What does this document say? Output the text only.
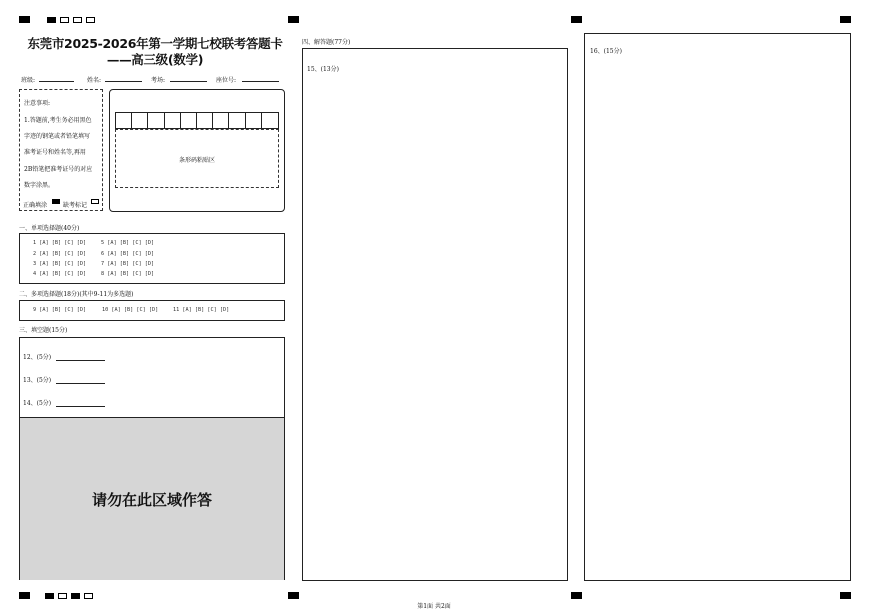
东莞市2025-2026年第一学期七校联考答题卡
——高三级(数学)
班级:	姓名:	考场:	座位号:
注意事项:
1.答题前,考生务必用黑色
字迹的钢笔或者铅笔填写
准考证号和姓名等,再用
2B铅笔把准考证号的对应
数字涂黑。
正确填涂	缺考标记
条形码粘贴区
一、单项选择题(40分)
1 [A] [B] [C] [D]	5 [A] [B] [C] [D]
2 [A] [B] [C] [D]	6 [A] [B] [C] [D]
3 [A] [B] [C] [D]	7 [A] [B] [C] [D]
4 [A] [B] [C] [D]	8 [A] [B] [C] [D]
二、多项选择题(18分)(其中9-11为多选题)
9 [A] [B] [C] [D]	10 [A] [B] [C] [D]	11 [A] [B] [C] [D]
三、填空题(15分)
12、(5分)
13、(5分)
14、(5分)
请勿在此区域作答
四、解答题(77分)
15、(13分)
16、(15分)
第1面 共2面
